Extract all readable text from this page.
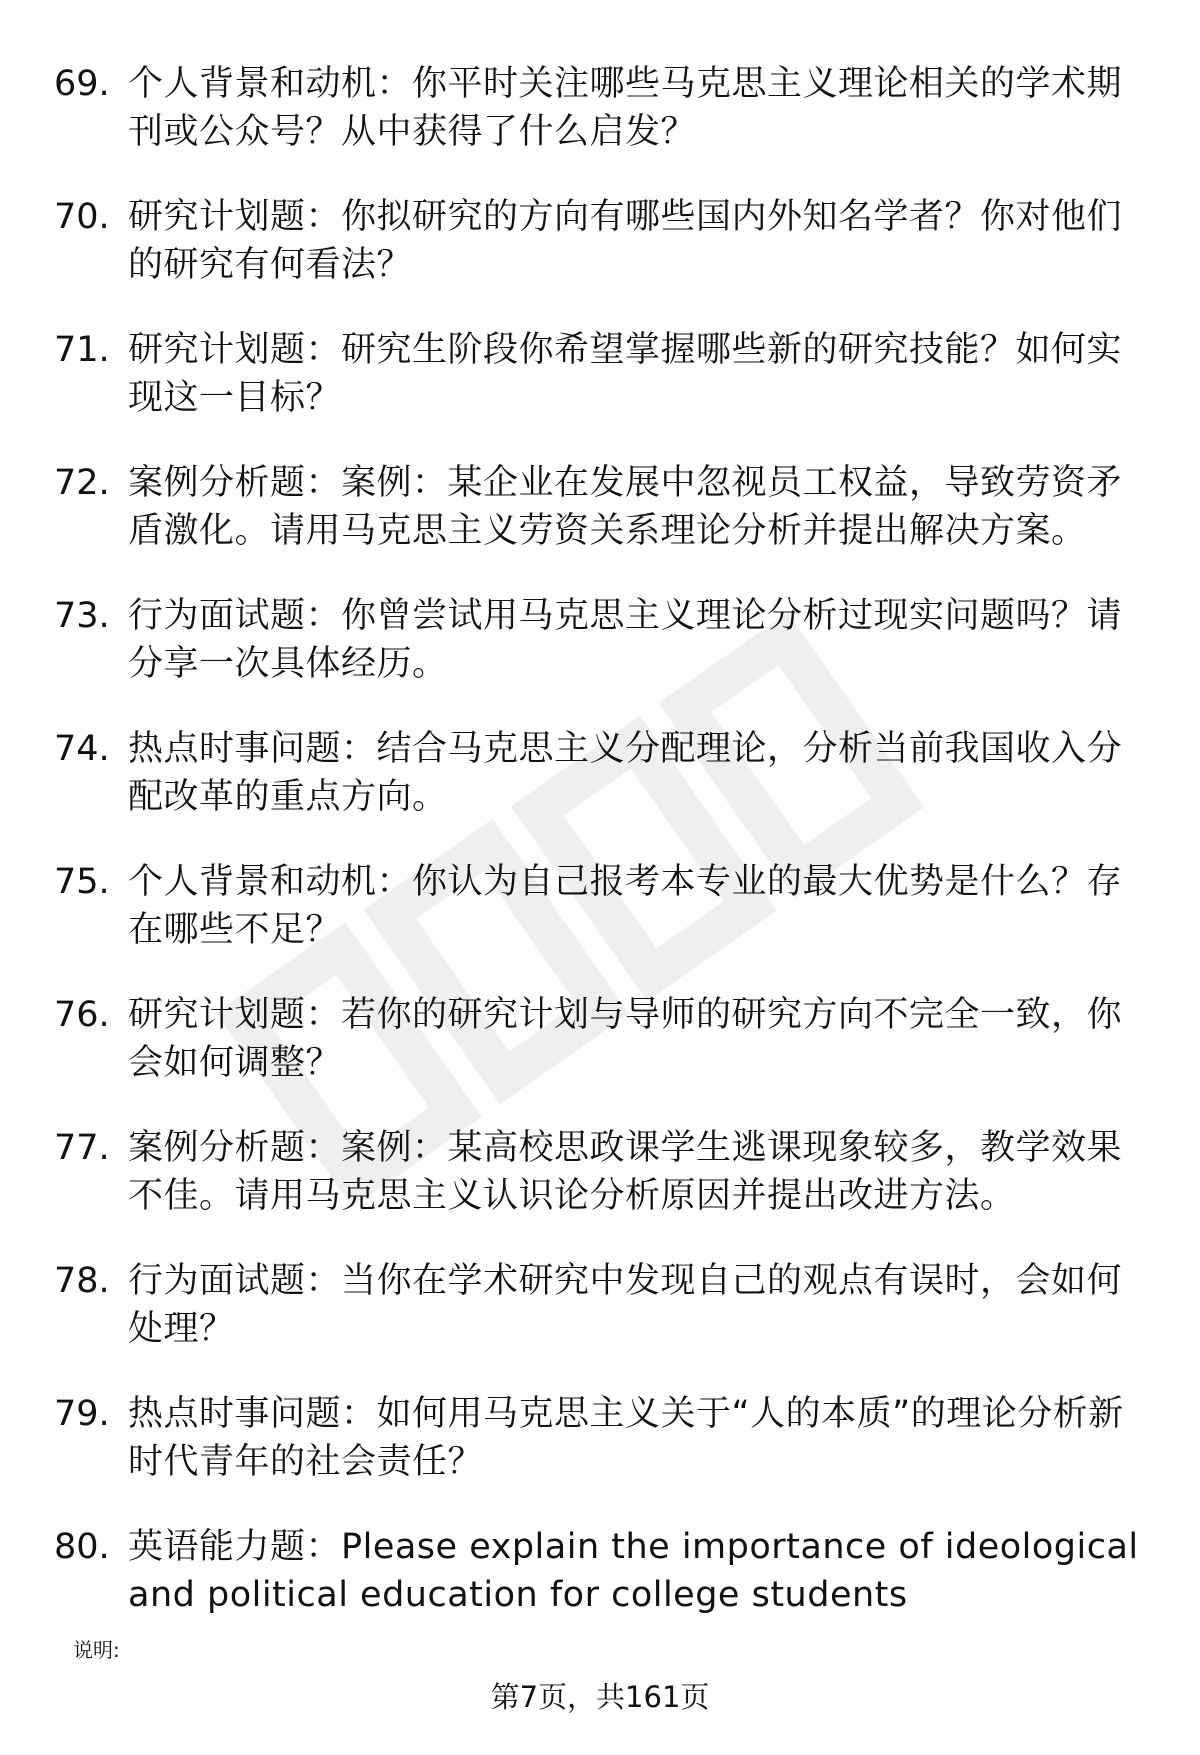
69. 个人背景和动机：你平时关注哪些马克思主义理论相关的学术期刊或公众号？从中获得了什么启发？
70. 研究计划题：你拟研究的方向有哪些国内外知名学者？你对他们的研究有何看法？
71. 研究计划题：研究生阶段你希望掌握哪些新的研究技能？如何实现这一目标？
72. 案例分析题：案例：某企业在发展中忽视员工权益，导致劳资矛盾激化。请用马克思主义劳资关系理论分析并提出解决方案。
73. 行为面试题：你曾尝试用马克思主义理论分析过现实问题吗？请分享一次具体经历。
74. 热点时事问题：结合马克思主义分配理论，分析当前我国收入分配改革的重点方向。
75. 个人背景和动机：你认为自己报考本专业的最大优势是什么？存在哪些不足？
76. 研究计划题：若你的研究计划与导师的研究方向不完全一致，你会如何调整？
77. 案例分析题：案例：某高校思政课学生逃课现象较多，教学效果不佳。请用马克思主义认识论分析原因并提出改进方法。
78. 行为面试题：当你在学术研究中发现自己的观点有误时，会如何处理？
79. 热点时事问题：如何用马克思主义关于“人的本质”的理论分析新时代青年的社会责任？
80. 英语能力题：Please explain the importance of ideological and political education for college students
说明:
第7页，共161页
